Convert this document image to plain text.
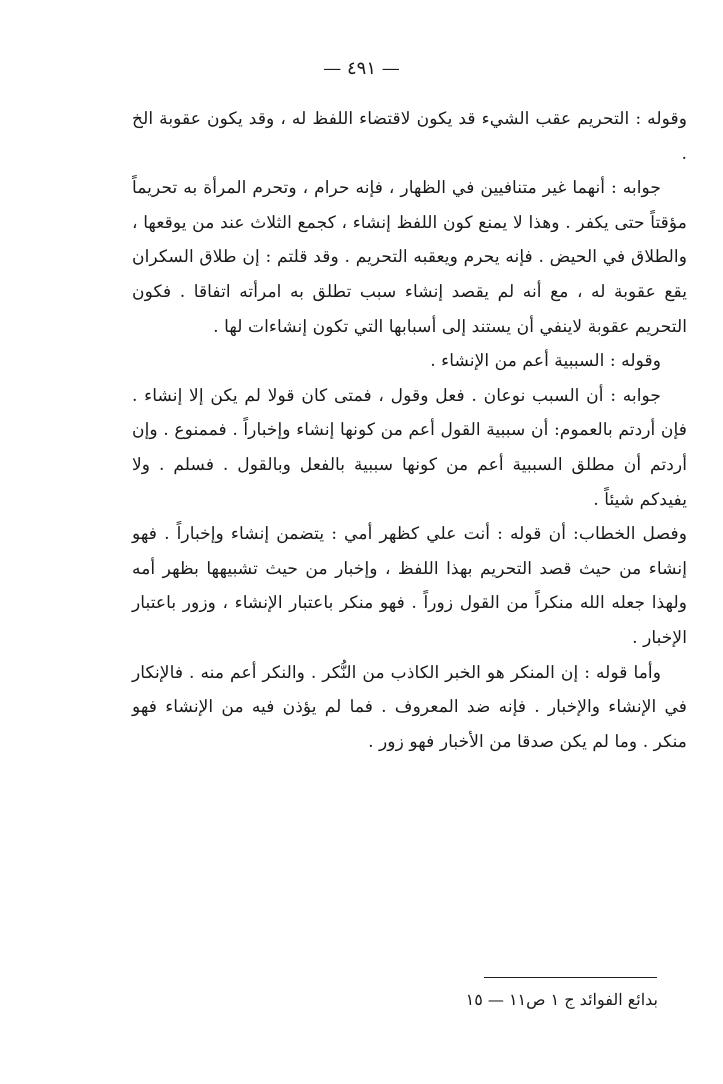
— ٤٩١ —

وقوله : التحريم عقب الشيء قد يكون لاقتضاء اللفظ له ، وقد يكون عقوبة الخ .

جوابه : أنهما غير متنافيين في الظهار ، فإنه حرام ، وتحرم المرأة به تحريماً مؤقتاً حتى يكفر . وهذا لا يمنع كون اللفظ إنشاء ، كجمع الثلاث عند من يوقعها ، والطلاق في الحيض . فإنه يحرم ويعقبه التحريم . وقد قلتم : إن طلاق السكران يقع عقوبة له ، مع أنه لم يقصد إنشاء سبب تطلق به امرأته اتفاقا . فكون التحريم عقوبة لاينفي أن يستند إلى أسبابها التي تكون إنشاءات لها .

وقوله : السببية أعم من الإنشاء .

جوابه : أن السبب نوعان . فعل وقول ، فمتى كان قولا لم يكن إلا إنشاء . فإن أردتم بالعموم: أن سببية القول أعم من كونها إنشاء وإخباراً . فممنوع . وإن أردتم أن مطلق السببية أعم من كونها سببية بالفعل وبالقول . فسلم . ولا يفيدكم شيئاً .

وفصل الخطاب: أن قوله : أنت علي كظهر أمي : يتضمن إنشاء وإخباراً . فهو إنشاء من حيث قصد التحريم بهذا اللفظ ، وإخبار من حيث تشبيهها بظهر أمه ولهذا جعله الله منكراً من القول زوراً . فهو منكر باعتبار الإنشاء ، وزور باعتبار الإخبار .

وأما قوله : إن المنكر هو الخبر الكاذب من النُّكر . والنكر أعم منه . فالإنكار في الإنشاء والإخبار . فإنه ضد المعروف . فما لم يؤذن فيه من الإنشاء فهو منكر . وما لم يكن صدقا من الأخبار فهو زور .

بدائع الفوائد ج ١ ص١١ — ١٥
